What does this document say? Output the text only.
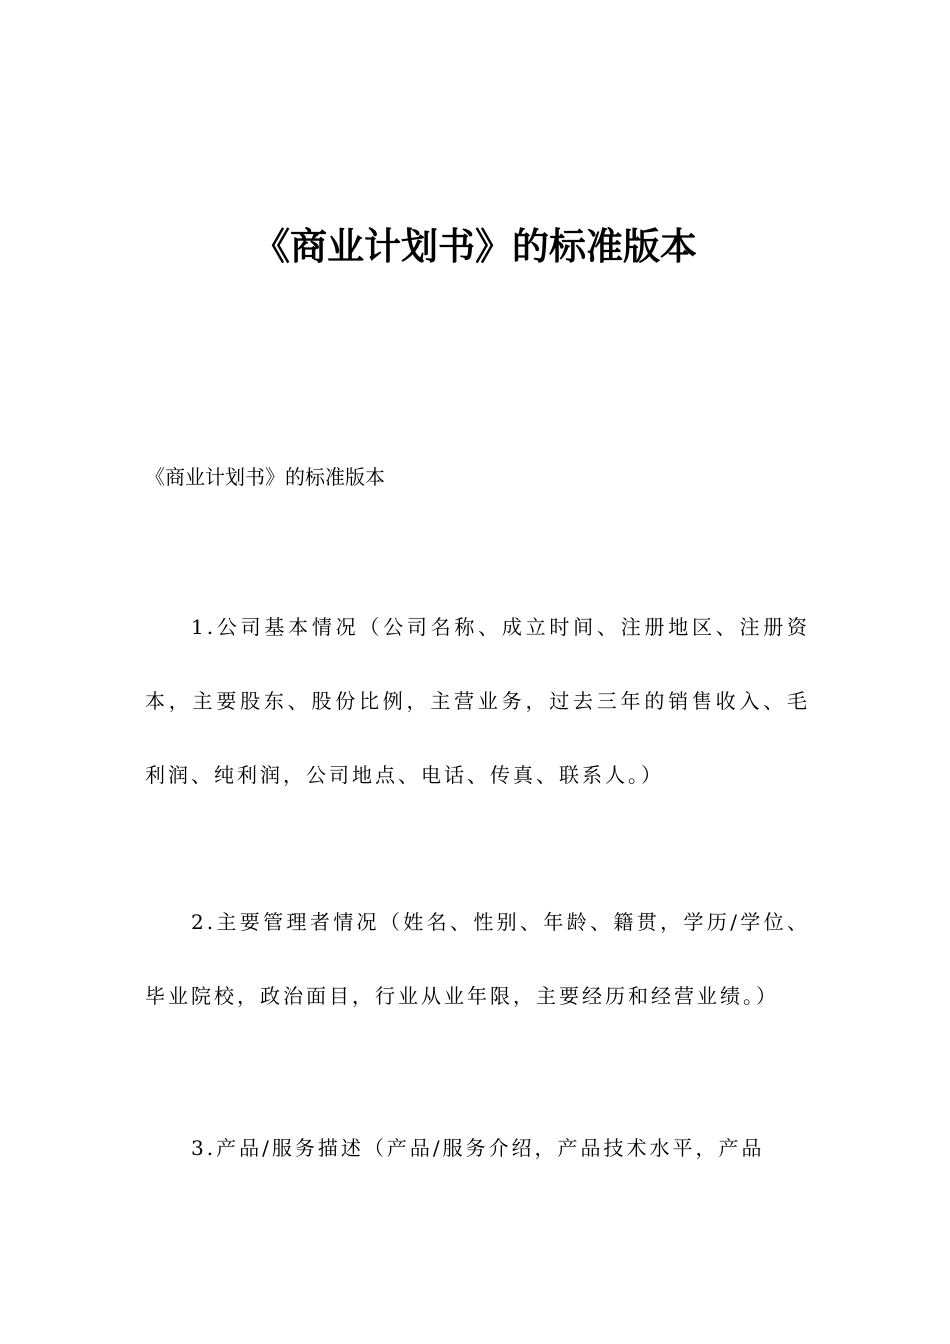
《商业计划书》的标准版本

《商业计划书》的标准版本

1.公司基本情况（公司名称、成立时间、注册地区、注册资本，主要股东、股份比例，主营业务，过去三年的销售收入、毛利润、纯利润，公司地点、电话、传真、联系人。）

2.主要管理者情况（姓名、性别、年龄、籍贯，学历/学位、毕业院校，政治面目，行业从业年限，主要经历和经营业绩。）

3.产品/服务描述（产品/服务介绍，产品技术水平，产品
